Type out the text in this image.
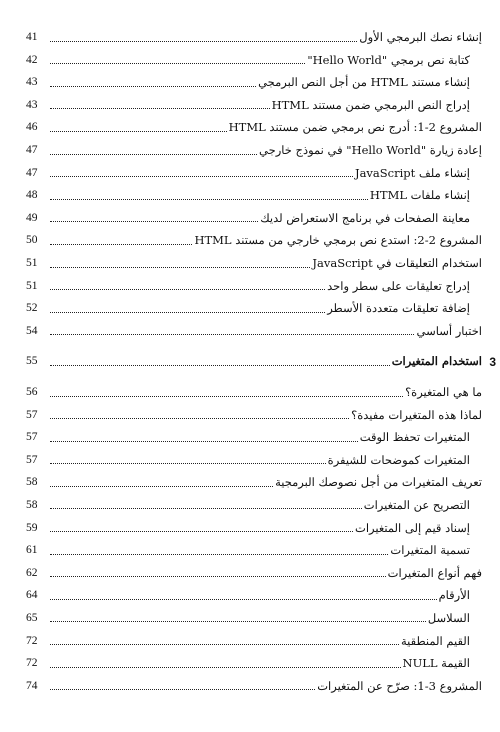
41	إنشاء نصك البرمجي الأول
42	كتابة نص برمجي "Hello World"
43	إنشاء مستند HTML من أجل النص البرمجي
43	إدراج النص البرمجي ضمن مستند HTML
46	المشروع 2-1: أدرج نص برمجي ضمن مستند HTML
47	إعادة زيارة "Hello World" في نموذج خارجي
47	إنشاء ملف JavaScript
48	إنشاء ملفات HTML
49	معاينة الصفحات في برنامج الاستعراض لديك
50	المشروع 2-2: استدع نص برمجي خارجي من مستند HTML
51	استخدام التعليقات في JavaScript
51	إدراج تعليقات على سطر واحد
52	إضافة تعليقات متعددة الأسطر
54	اختبار أساسي
55	استخدام المتغيرات 3
56	ما هي المتغيرة؟
57	لماذا هذه المتغيرات مفيدة؟
57	المتغيرات تحفظ الوقت
57	المتغيرات كموضحات للشيفرة
58	تعريف المتغيرات من أجل نصوصك البرمجية
58	التصريح عن المتغيرات
59	إسناد قيم إلى المتغيرات
61	تسمية المتغيرات
62	فهم أنواع المتغيرات
64	الأرقام
65	السلاسل
72	القيم المنطقية
72	القيمة NULL
74	المشروع 3-1: صرّح عن المتغيرات
